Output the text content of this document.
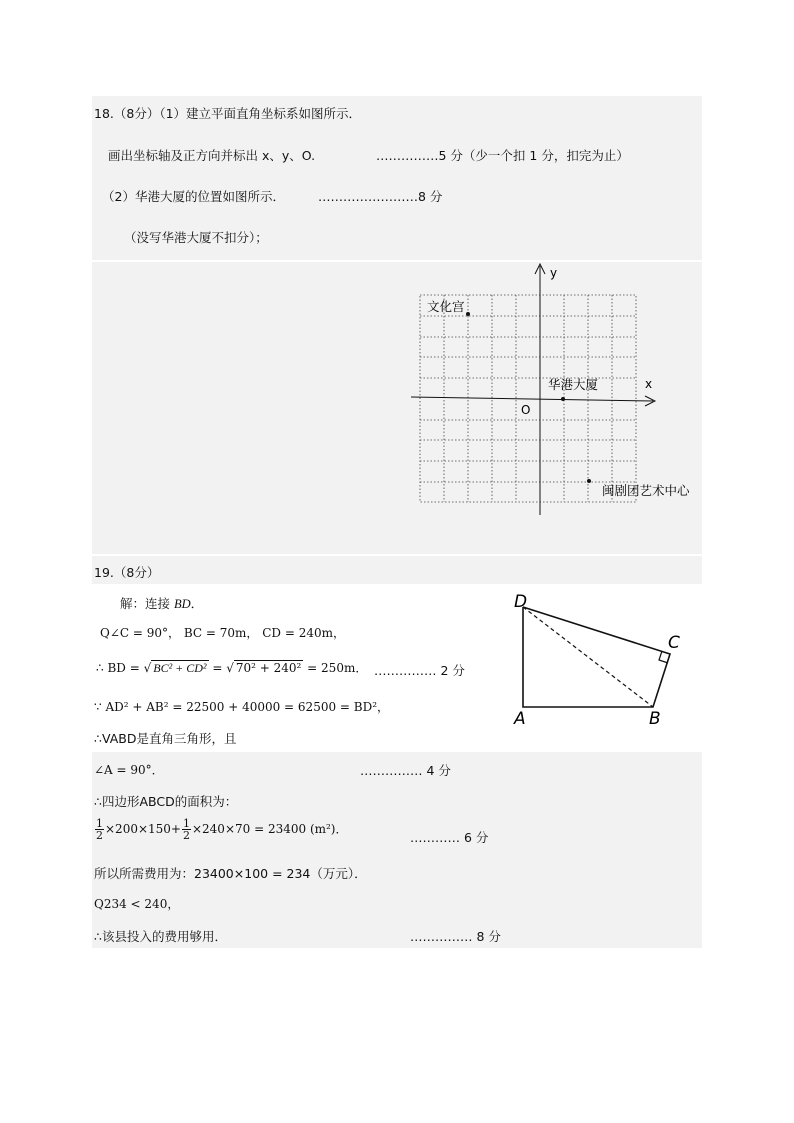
18.（8分）（1）建立平面直角坐标系如图所示．
画出坐标轴及正方向并标出 x、y、O.	……………5 分（少一个扣 1 分，扣完为止）
（2）华港大厦的位置如图所示．	……………………8 分
（没写华港大厦不扣分）；
y
x
O
文化宫
华港大厦
闽剧团艺术中心
19.（8分）
解：连接 BD．
Q∠C = 90°， BC = 70m， CD = 240m，
∴ BD = √ BC² + CD² = √ 70² + 240² = 250m． …………… 2 分
∵ AD² + AB² = 22500 + 40000 = 62500 = BD²，
∴VABD是直角三角形，且
∠A = 90°．	…………… 4 分
∴四边形ABCD的面积为：
$\frac{1}{2} \times 200\times 150+ \frac{1}{2} \times 240\times 70 = 23400$ (m²)．
………… 6 分
所以所需费用为：23400×100 = 234（万元）．
Q234 < 240，
∴该县投入的费用够用．	…………… 8 分
D
C
A	B
